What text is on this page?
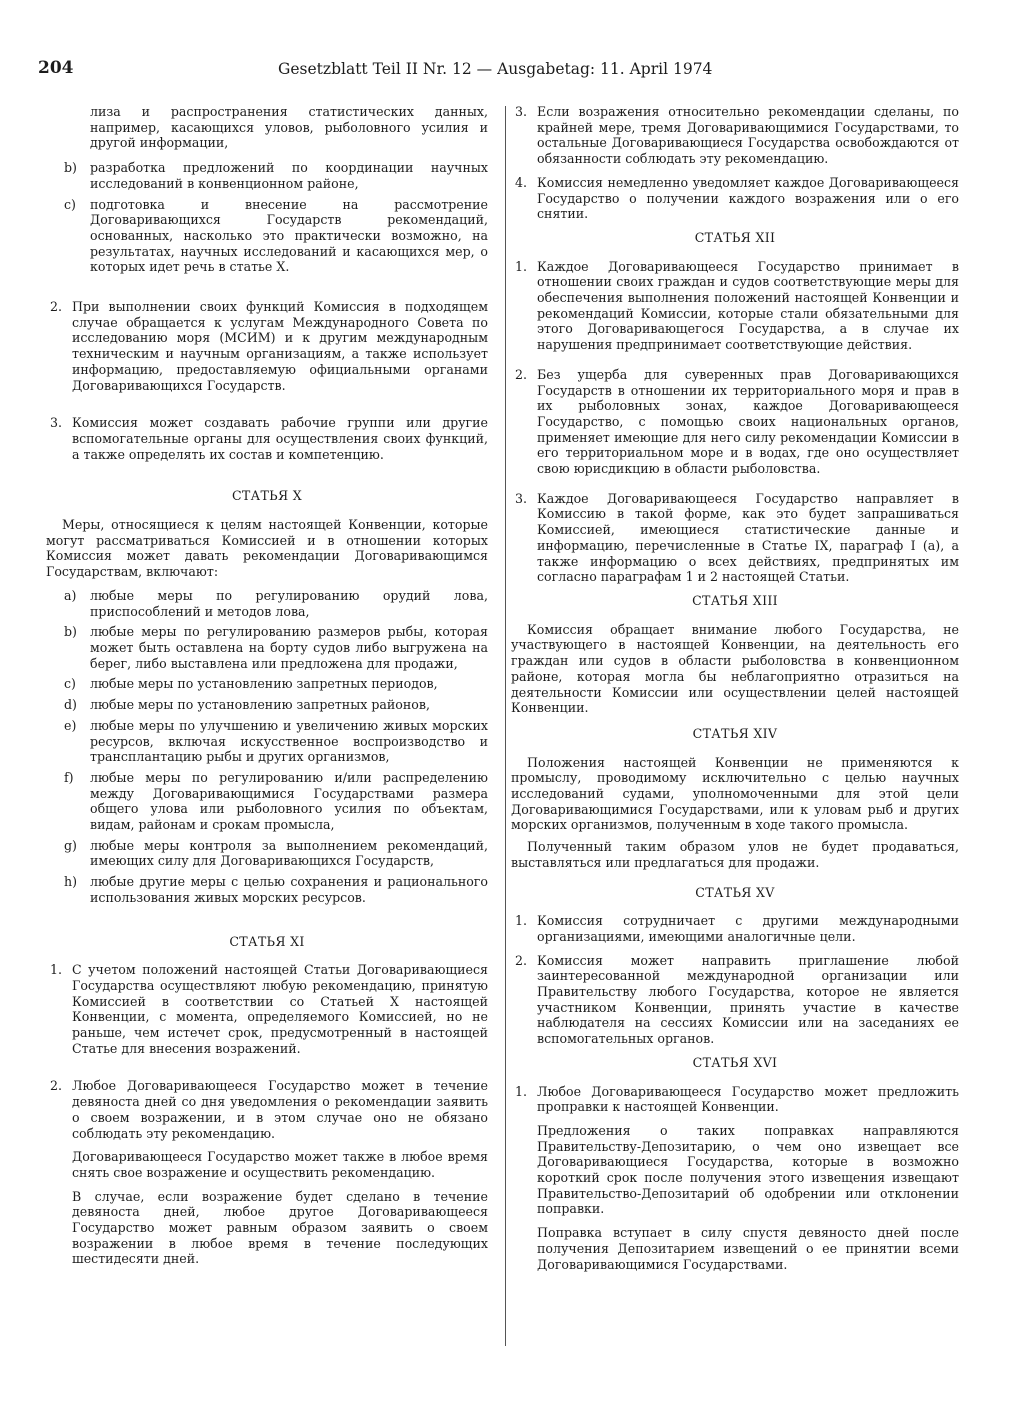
204	Gesetzblatt Teil II Nr. 12 — Ausgabetag: 11. April 1974
лиза и распространения статистических данных, например, касающихся уловов, рыболовного усилия и другой информации,
b) разработка предложений по координации научных исследований в конвенционном районе,
c) подготовка и внесение на рассмотрение Договаривающихся Государств рекомендаций, основанных, насколько это практически возможно, на результатах, научных исследований и касающихся мер, о которых идет речь в статье X.
2. При выполнении своих функций Комиссия в подходящем случае обращается к услугам Международного Совета по исследованию моря (МСИМ) и к другим международным техническим и научным организациям, а также использует информацию, предоставляемую официальными органами Договаривающихся Государств.
3. Комиссия может создавать рабочие группи или другие вспомогательные органы для осуществления своих функций, а также определять их состав и компетенцию.
СТАТЬЯ X
Меры, относящиеся к целям настоящей Конвенции, которые могут рассматриваться Комиссией и в отношении которых Комиссия может давать рекомендации Договаривающимся Государствам, включают:
a) любые меры по регулированию орудий лова, приспособлений и методов лова,
b) любые меры по регулированию размеров рыбы, которая может быть оставлена на борту судов либо выгружена на берег, либо выставлена или предложена для продажи,
c) любые меры по установлению запретных периодов,
d) любые меры по установлению запретных районов,
e) любые меры по улучшению и увеличению живых морских ресурсов, включая искусственное воспроизводство и трансплантацию рыбы и других организмов,
f) любые меры по регулированию и/или распределению между Договаривающимися Государствами размера общего улова или рыболовного усилия по объектам, видам, районам и срокам промысла,
g) любые меры контроля за выполнением рекомендаций, имеющих силу для Договаривающихся Государств,
h) любые другие меры с целью сохранения и рационального использования живых морских ресурсов.
СТАТЬЯ XI
1. С учетом положений настоящей Статьи Договаривающиеся Государства осуществляют любую рекомендацию, принятую Комиссией в соответствии со Статьей X настоящей Конвенции, с момента, определяемого Комиссией, но не раньше, чем истечет срок, предусмотренный в настоящей Статье для внесения возражений.
2. Любое Договаривающееся Государство может в течение девяноста дней со дня уведомления о рекомендации заявить о своем возражении, и в этом случае оно не обязано соблюдать эту рекомендацию.
Договаривающееся Государство может также в любое время снять свое возражение и осуществить рекомендацию.
В случае, если возражение будет сделано в течение девяноста дней, любое другое Договаривающееся Государство может равным образом заявить о своем возражении в любое время в течение последующих шестидесяти дней.
3. Если возражения относительно рекомендации сделаны, по крайней мере, тремя Договаривающимися Государствами, то остальные Договаривающиеся Государства освобождаются от обязанности соблюдать эту рекомендацию.
4. Комиссия немедленно уведомляет каждое Договаривающееся Государство о получении каждого возражения или о его снятии.
СТАТЬЯ XII
1. Каждое Договаривающееся Государство принимает в отношении своих граждан и судов соответствующие меры для обеспечения выполнения положений настоящей Конвенции и рекомендаций Комиссии, которые стали обязательными для этого Договаривающегося Государства, а в случае их нарушения предпринимает соответствующие действия.
2. Без ущерба для суверенных прав Договаривающихся Государств в отношении их территориального моря и прав в их рыболовных зонах, каждое Договаривающееся Государство, с помощью своих национальных органов, применяет имеющие для него силу рекомендации Комиссии в его территориальном море и в водах, где оно осуществляет свою юрисдикцию в области рыболовства.
3. Каждое Договаривающееся Государство направляет в Комиссию в такой форме, как это будет запрашиваться Комиссией, имеющиеся статистические данные и информацию, перечисленные в Статье IX, параграф I (a), а также информацию о всех действиях, предпринятых им согласно параграфам 1 и 2 настоящей Статьи.
СТАТЬЯ XIII
Комиссия обращает внимание любого Государства, не участвующего в настоящей Конвенции, на деятельность его граждан или судов в области рыболовства в конвенционном районе, которая могла бы неблагоприятно отразиться на деятельности Комиссии или осуществлении целей настоящей Конвенции.
СТАТЬЯ XIV
Положения настоящей Конвенции не применяются к промыслу, проводимому исключительно с целью научных исследований судами, уполномоченными для этой цели Договаривающимися Государствами, или к уловам рыб и других морских организмов, полученным в ходе такого промысла.
Полученный таким образом улов не будет продаваться, выставляться или предлагаться для продажи.
СТАТЬЯ XV
1. Комиссия сотрудничает с другими международными организациями, имеющими аналогичные цели.
2. Комиссия может направить приглашение любой заинтересованной международной организации или Правительству любого Государства, которое не является участником Конвенции, принять участие в качестве наблюдателя на сессиях Комиссии или на заседаниях ее вспомогательных органов.
СТАТЬЯ XVI
1. Любое Договаривающееся Государство может предложить проправки к настоящей Конвенции.
Предложения о таких поправках направляются Правительству-Депозитарию, о чем оно извещает все Договаривающиеся Государства, которые в возможно короткий срок после получения этого извещения извещают Правительство-Депозитарий об одобрении или отклонении поправки.
Поправка вступает в силу спустя девяносто дней после получения Депозитарием извещений о ее принятии всеми Договаривающимися Государствами.
